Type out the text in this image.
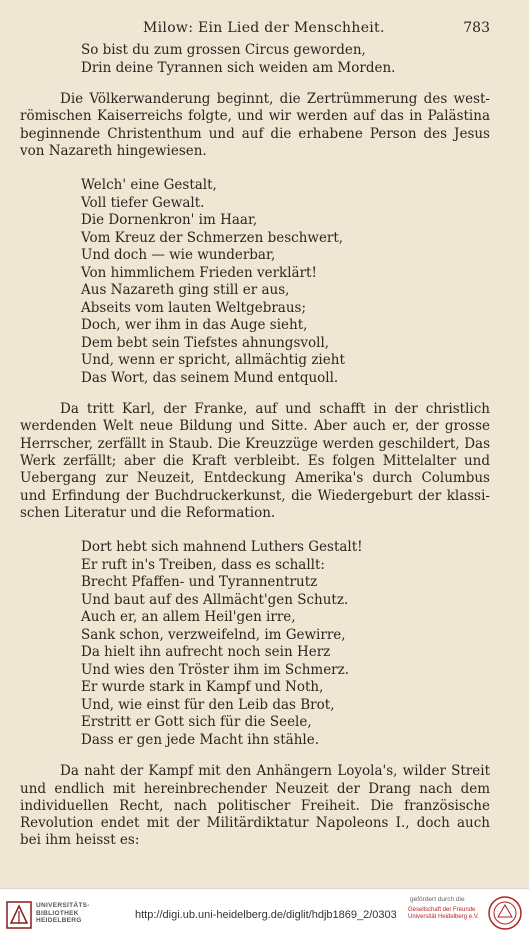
Milow: Ein Lied der Menschheit.	783
So bist du zum grossen Circus geworden,
Drin deine Tyrannen sich weiden am Morden.
Die Völkerwanderung beginnt, die Zertrümmerung des west-römischen Kaiserreichs folgte, und wir werden auf das in Palästina beginnende Christenthum und auf die erhabene Person des Jesus von Nazareth hingewiesen.
Welch' eine Gestalt,
Voll tiefer Gewalt.
Die Dornenkron' im Haar,
Vom Kreuz der Schmerzen beschwert,
Und doch — wie wunderbar,
Von himmlichem Frieden verklärt!
Aus Nazareth ging still er aus,
Abseits vom lauten Weltgebraus;
Doch, wer ihm in das Auge sieht,
Dem bebt sein Tiefstes ahnungsvoll,
Und, wenn er spricht, allmächtig zieht
Das Wort, das seinem Mund entquoll.
Da tritt Karl, der Franke, auf und schafft in der christlich werdenden Welt neue Bildung und Sitte. Aber auch er, der grosse Herrscher, zerfällt in Staub. Die Kreuzzüge werden geschildert, Das Werk zerfällt; aber die Kraft verbleibt. Es folgen Mittelalter und Uebergang zur Neuzeit, Entdeckung Amerika's durch Columbus und Erfindung der Buchdruckerkunst, die Wiedergeburt der klassi-schen Literatur und die Reformation.
Dort hebt sich mahnend Luthers Gestalt!
Er ruft in's Treiben, dass es schallt:
Brecht Pfaffen- und Tyrannentrutz
Und baut auf des Allmächt'gen Schutz.
Auch er, an allem Heil'gen irre,
Sank schon, verzweifelnd, im Gewirre,
Da hielt ihn aufrecht noch sein Herz
Und wies den Tröster ihm im Schmerz.
Er wurde stark in Kampf und Noth,
Und, wie einst für den Leib das Brot,
Erstritt er Gott sich für die Seele,
Dass er gen jede Macht ihn stähle.
Da naht der Kampf mit den Anhängern Loyola's, wilder Streit und endlich mit hereinbrechender Neuzeit der Drang nach dem individuellen Recht, nach politischer Freiheit. Die französische Revolution endet mit der Militärdiktatur Napoleons I., doch auch bei ihm heisst es:
UNIVERSITÄTS-
BIBLIOTHEK
HEIDELBERG	http://digi.ub.uni-heidelberg.de/diglit/hdjb1869_2/0303
gefördert durch die
Gesellschaft der Freunde
Universität Heidelberg e.V.
